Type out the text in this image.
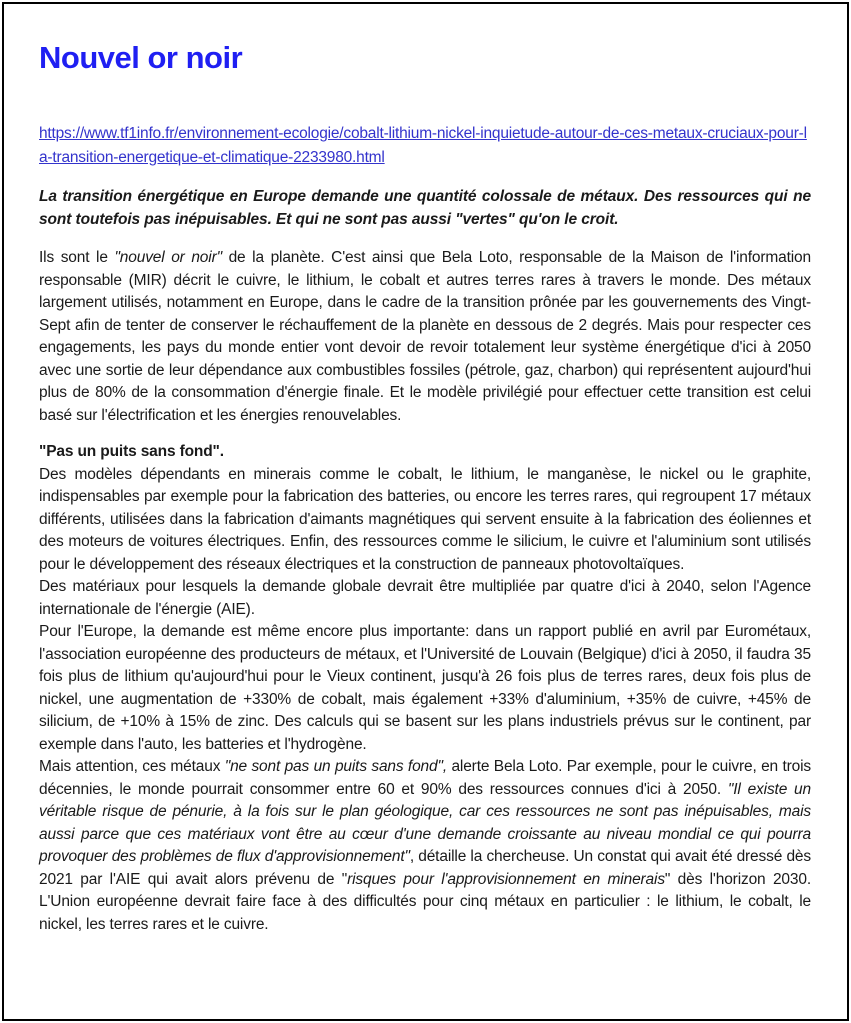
Nouvel or noir
https://www.tf1info.fr/environnement-ecologie/cobalt-lithium-nickel-inquietude-autour-de-ces-metaux-cruciaux-pour-la-transition-energetique-et-climatique-2233980.html

La transition énergétique en Europe demande une quantité colossale de métaux. Des ressources qui ne sont toutefois pas inépuisables. Et qui ne sont pas aussi "vertes" qu'on le croit.

Ils sont le "nouvel or noir" de la planète. C'est ainsi que Bela Loto, responsable de la Maison de l'information responsable (MIR) décrit le cuivre, le lithium, le cobalt et autres terres rares à travers le monde. Des métaux largement utilisés, notamment en Europe, dans le cadre de la transition prônée par les gouvernements des Vingt-Sept afin de tenter de conserver le réchauffement de la planète en dessous de 2 degrés. Mais pour respecter ces engagements, les pays du monde entier vont devoir de revoir totalement leur système énergétique d'ici à 2050 avec une sortie de leur dépendance aux combustibles fossiles (pétrole, gaz, charbon) qui représentent aujourd'hui plus de 80% de la consommation d'énergie finale. Et le modèle privilégié pour effectuer cette transition est celui basé sur l'électrification et les énergies renouvelables.

"Pas un puits sans fond".

Des modèles dépendants en minerais comme le cobalt, le lithium, le manganèse, le nickel ou le graphite, indispensables par exemple pour la fabrication des batteries, ou encore les terres rares, qui regroupent 17 métaux différents, utilisées dans la fabrication d'aimants magnétiques qui servent ensuite à la fabrication des éoliennes et des moteurs de voitures électriques. Enfin, des ressources comme le silicium, le cuivre et l'aluminium sont utilisés pour le développement des réseaux électriques et la construction de panneaux photovoltaïques.

Des matériaux pour lesquels la demande globale devrait être multipliée par quatre d'ici à 2040, selon l'Agence internationale de l'énergie (AIE).

Pour l'Europe, la demande est même encore plus importante: dans un rapport publié en avril par Eurométaux, l'association européenne des producteurs de métaux, et l'Université de Louvain (Belgique) d'ici à 2050, il faudra 35 fois plus de lithium qu'aujourd'hui pour le Vieux continent, jusqu'à 26 fois plus de terres rares, deux fois plus de nickel, une augmentation de +330% de cobalt, mais également +33% d'aluminium, +35% de cuivre, +45% de silicium, de +10% à 15% de zinc. Des calculs qui se basent sur les plans industriels prévus sur le continent, par exemple dans l'auto, les batteries et l'hydrogène.

Mais attention, ces métaux "ne sont pas un puits sans fond", alerte Bela Loto. Par exemple, pour le cuivre, en trois décennies, le monde pourrait consommer entre 60 et 90% des ressources connues d'ici à 2050. "Il existe un véritable risque de pénurie, à la fois sur le plan géologique, car ces ressources ne sont pas inépuisables, mais aussi parce que ces matériaux vont être au cœur d'une demande croissante au niveau mondial ce qui pourra provoquer des problèmes de flux d'approvisionnement", détaille la chercheuse. Un constat qui avait été dressé dès 2021 par l'AIE qui avait alors prévenu de "risques pour l'approvisionnement en minerais" dès l'horizon 2030. L'Union européenne devrait faire face à des difficultés pour cinq métaux en particulier : le lithium, le cobalt, le nickel, les terres rares et le cuivre.
